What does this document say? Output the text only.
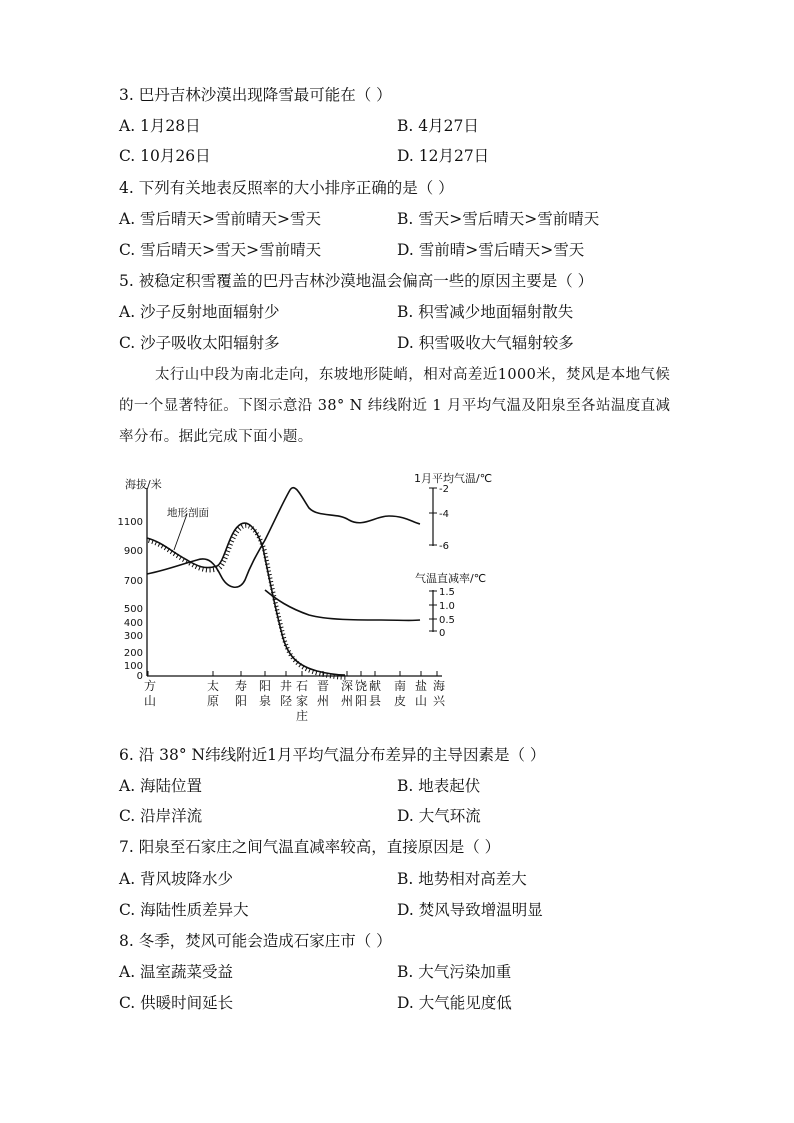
3. 巴丹吉林沙漠出现降雪最可能在（ ）
A. 1月28日	B. 4月27日
C. 10月26日	D. 12月27日
4. 下列有关地表反照率的大小排序正确的是（ ）
A. 雪后晴天>雪前晴天>雪天	B. 雪天>雪后晴天>雪前晴天
C. 雪后晴天>雪天>雪前晴天	D. 雪前晴>雪后晴天>雪天
5. 被稳定积雪覆盖的巴丹吉林沙漠地温会偏高一些的原因主要是（ ）
A. 沙子反射地面辐射少	B. 积雪减少地面辐射散失
C. 沙子吸收太阳辐射多	D. 积雪吸收大气辐射较多
太行山中段为南北走向，东坡地形陡峭，相对高差近1000米，焚风是本地气候的一个显著特征。下图示意沿 38° N 纬线附近 1 月平均气温及阳泉至各站温度直减率分布。据此完成下面小题。
海拔/米
0
100
200
300
400
500
700
900
1100
地形剖面
1月平均气温/℃
-2
-4
-6
气温直减率/℃
1.5
1.0
0.5
0
方
山
太
原
寿
阳
阳
泉
井
陉
石
家
庄
晋
州
深
州
饶
阳
献
县
南
皮
盐
山
海
兴
6. 沿 38° N纬线附近1月平均气温分布差异的主导因素是（ ）
A. 海陆位置	B. 地表起伏
C. 沿岸洋流	D. 大气环流
7. 阳泉至石家庄之间气温直减率较高，直接原因是（ ）
A. 背风坡降水少	B. 地势相对高差大
C. 海陆性质差异大	D. 焚风导致增温明显
8. 冬季，焚风可能会造成石家庄市（ ）
A. 温室蔬菜受益	B. 大气污染加重
C. 供暖时间延长	D. 大气能见度低
